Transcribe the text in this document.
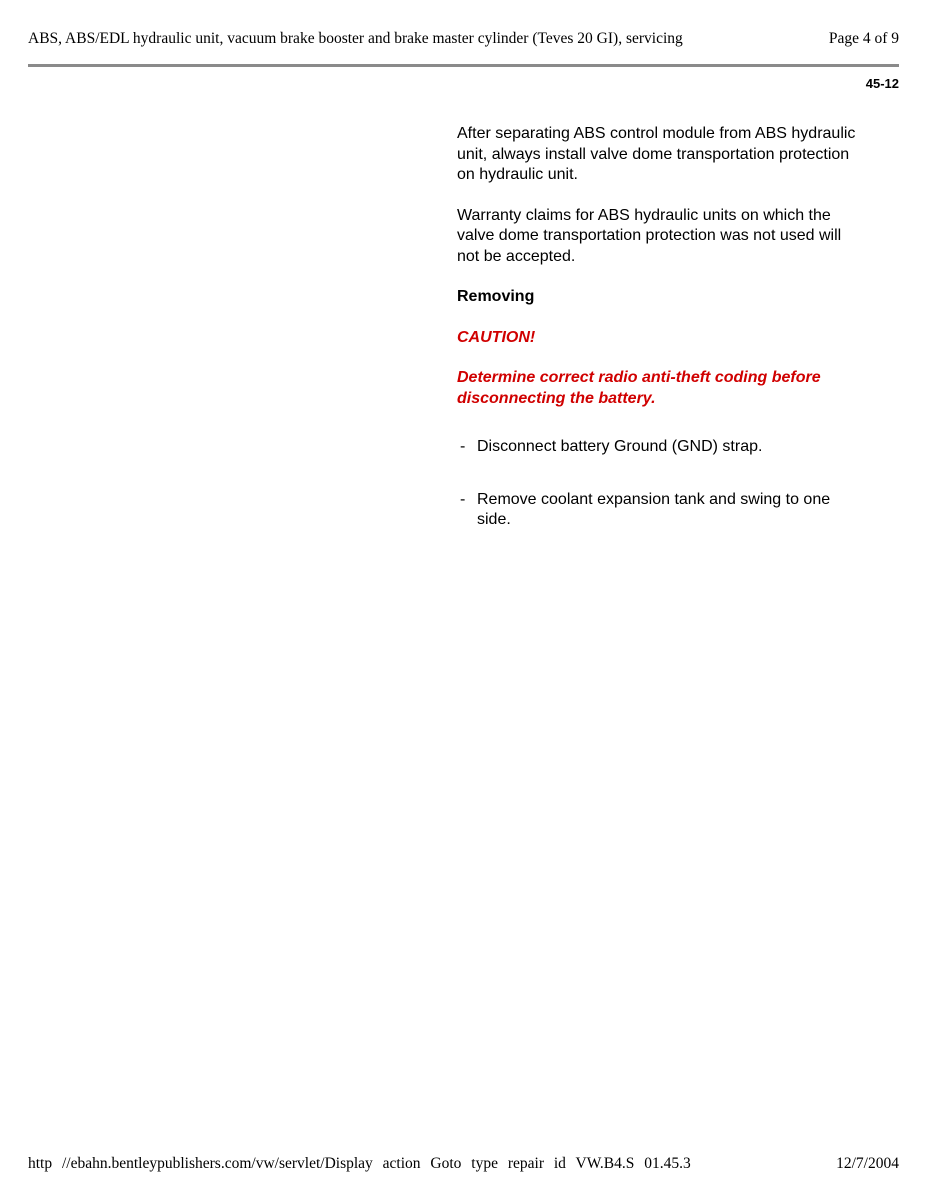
ABS, ABS/EDL hydraulic unit, vacuum brake booster and brake master cylinder (Teves 20 GI), servicing	Page 4 of 9
45-12

After separating ABS control module from ABS hydraulic unit, always install valve dome transportation protection on hydraulic unit.

Warranty claims for ABS hydraulic units on which the valve dome transportation protection was not used will not be accepted.

Removing

CAUTION!

Determine correct radio anti-theft coding before disconnecting the battery.

- Disconnect battery Ground (GND) strap.
- Remove coolant expansion tank and swing to one side.
http //ebahn.bentleypublishers.com/vw/servlet/Display action Goto type repair id VW.B4.S 01.45.3	12/7/2004
